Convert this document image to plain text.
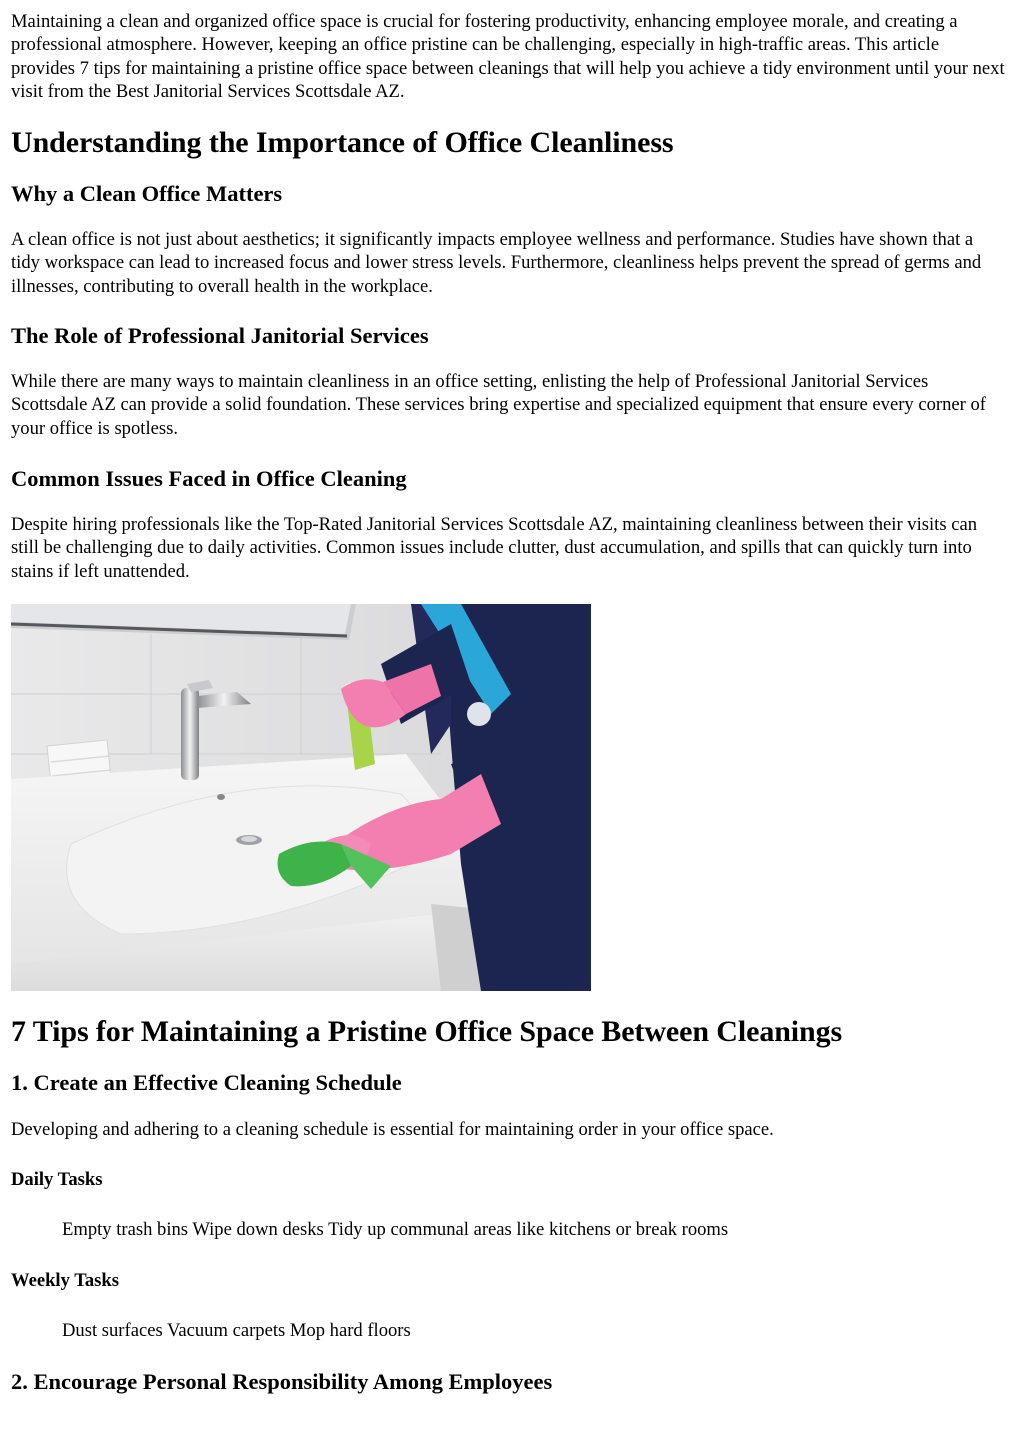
Maintaining a clean and organized office space is crucial for fostering productivity, enhancing employee morale, and creating a professional atmosphere. However, keeping an office pristine can be challenging, especially in high-traffic areas. This article provides 7 tips for maintaining a pristine office space between cleanings that will help you achieve a tidy environment until your next visit from the Best Janitorial Services Scottsdale AZ.

Understanding the Importance of Office Cleanliness
Why a Clean Office Matters

A clean office is not just about aesthetics; it significantly impacts employee wellness and performance. Studies have shown that a tidy workspace can lead to increased focus and lower stress levels. Furthermore, cleanliness helps prevent the spread of germs and illnesses, contributing to overall health in the workplace.

The Role of Professional Janitorial Services

While there are many ways to maintain cleanliness in an office setting, enlisting the help of Professional Janitorial Services Scottsdale AZ can provide a solid foundation. These services bring expertise and specialized equipment that ensure every corner of your office is spotless.

Common Issues Faced in Office Cleaning

Despite hiring professionals like the Top-Rated Janitorial Services Scottsdale AZ, maintaining cleanliness between their visits can still be challenging due to daily activities. Common issues include clutter, dust accumulation, and spills that can quickly turn into stains if left unattended.

7 Tips for Maintaining a Pristine Office Space Between Cleanings
1. Create an Effective Cleaning Schedule

Developing and adhering to a cleaning schedule is essential for maintaining order in your office space.

Daily Tasks

Empty trash bins Wipe down desks Tidy up communal areas like kitchens or break rooms

Weekly Tasks

Dust surfaces Vacuum carpets Mop hard floors

2. Encourage Personal Responsibility Among Employees
